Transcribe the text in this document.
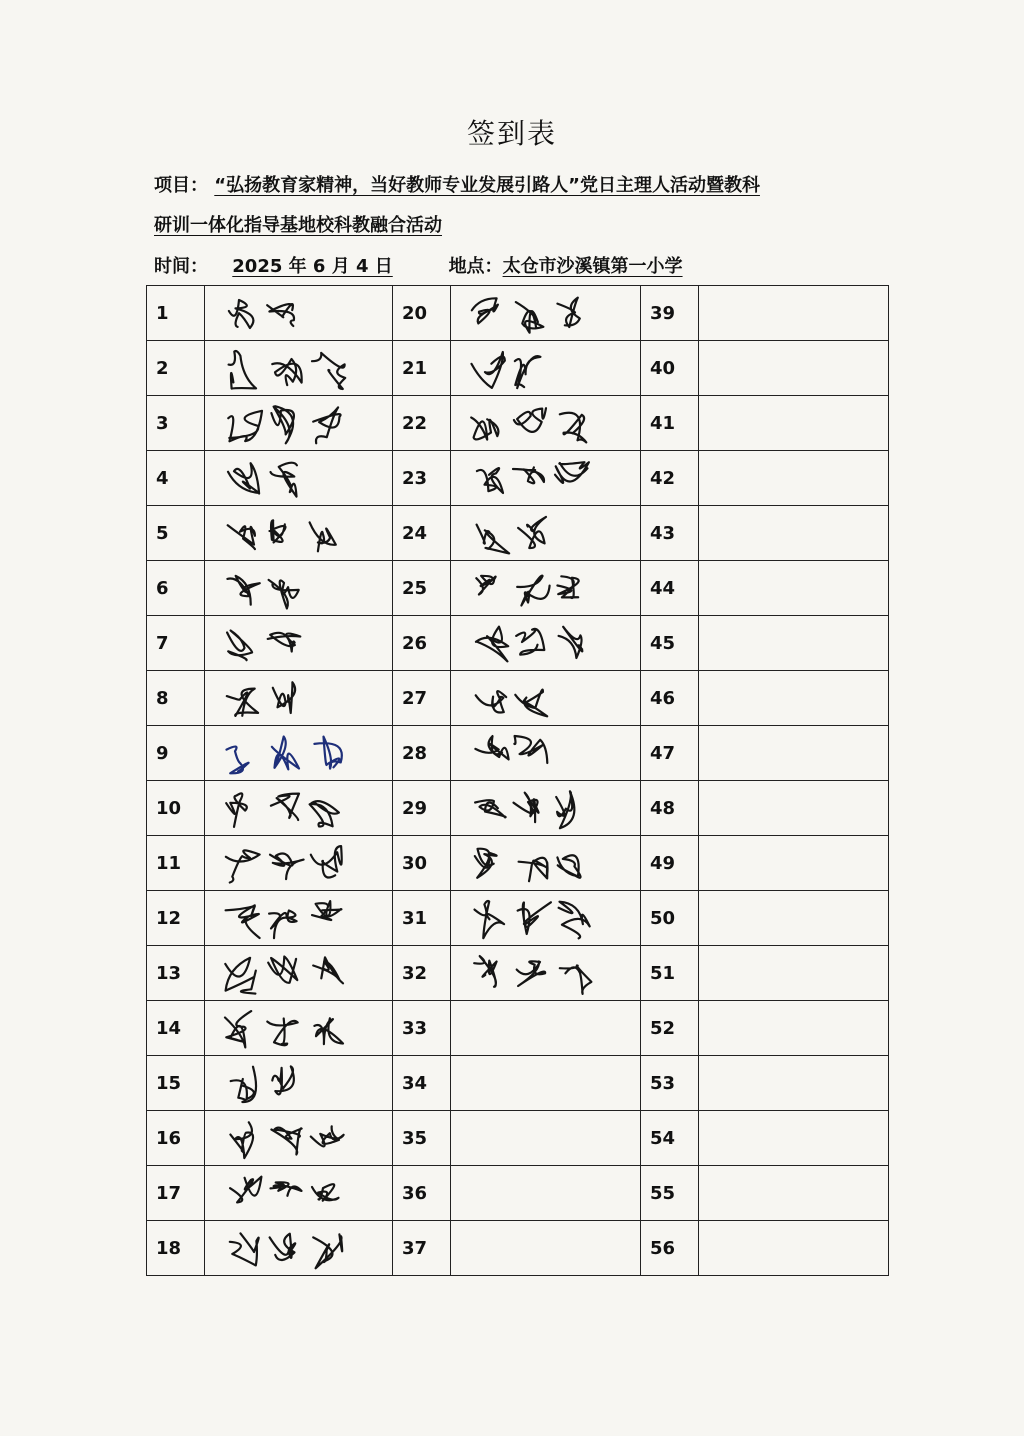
签到表
项目： “弘扬教育家精神，当好教师专业发展引路人”党日主理人活动暨教科
研训一体化指导基地校科教融合活动
时间： 2025 年 6 月 4 日	地点：太仓市沙溪镇第一小学
1		20		39	
2		21		40	
3		22		41	
4		23		42	
5		24		43	
6		25		44	
7		26		45	
8		27		46	
9		28		47	
10		29		48	
11		30		49	
12		31		50	
13		32		51	
14		33		52	
15		34		53	
16		35		54	
17		36		55	
18		37		56	
